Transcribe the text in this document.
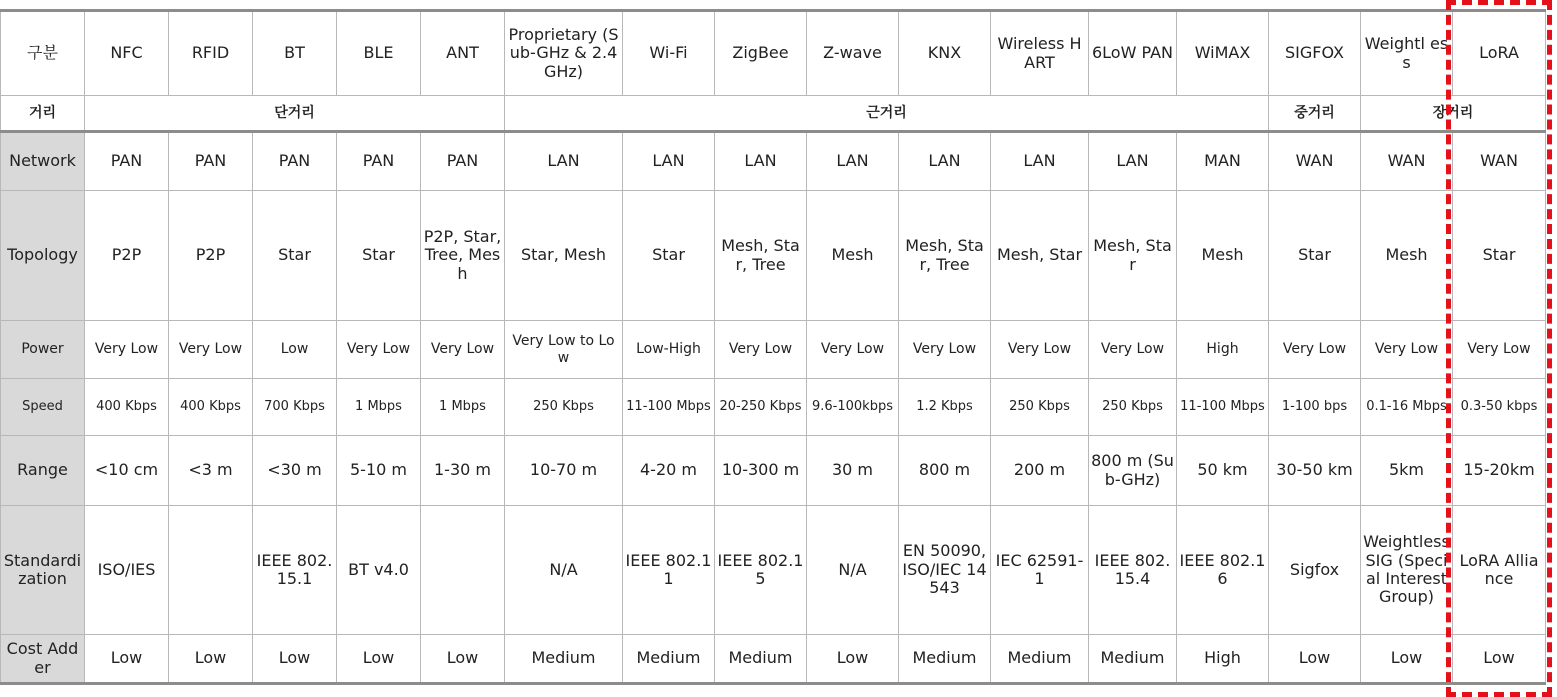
구분	NFC	RFID	BT	BLE	ANT	Proprietary (Sub-GHz & 2.4 GHz)	Wi-Fi	ZigBee	Z-wave	KNX	Wireless HART	6LoW PAN	WiMAX	SIGFOX	Weightl ess	LoRA	
거리	단거리					근거리								중거리	장거리		
Network	PAN	PAN	PAN	PAN	PAN	LAN	LAN	LAN	LAN	LAN	LAN	LAN	MAN	WAN	WAN	WAN	
Topology	P2P	P2P	Star	Star	P2P, Star, Tree, Mesh	Star, Mesh	Star	Mesh, Star, Tree	Mesh	Mesh, Star, Tree	Mesh, Star	Mesh, Star	Mesh	Star	Mesh	Star	
Power	Very Low	Very Low	Low	Very Low	Very Low	Very Low to Low	Low-High	Very Low	Very Low	Very Low	Very Low	Very Low	High	Very Low	Very Low	Very Low	
Speed	400 Kbps	400 Kbps	700 Kbps	1 Mbps	1 Mbps	250 Kbps	11-100 Mbps	20-250 Kbps	9.6-100kbps	1.2 Kbps	250 Kbps	250 Kbps	11-100 Mbps	1-100 bps	0.1-16 Mbps	0.3-50 kbps	
Range	<10 cm	<3 m	<30 m	5-10 m	1-30 m	10-70 m	4-20 m	10-300 m	30 m	800 m	200 m	800 m (Sub-GHz)	50 km	30-50 km	5km	15-20km	
Standardization	ISO/IES		IEEE 802.15.1	BT v4.0		N/A	IEEE 802.11	IEEE 802.15	N/A	EN 50090, ISO/IEC 14543	IEC 62591-1	IEEE 802.15.4	IEEE 802.16	Sigfox	Weightless SIG (Special Interest Group)	LoRA Alliance	
Cost Adder	Low	Low	Low	Low	Low	Medium	Medium	Medium	Low	Medium	Medium	Medium	High	Low	Low	Low	
